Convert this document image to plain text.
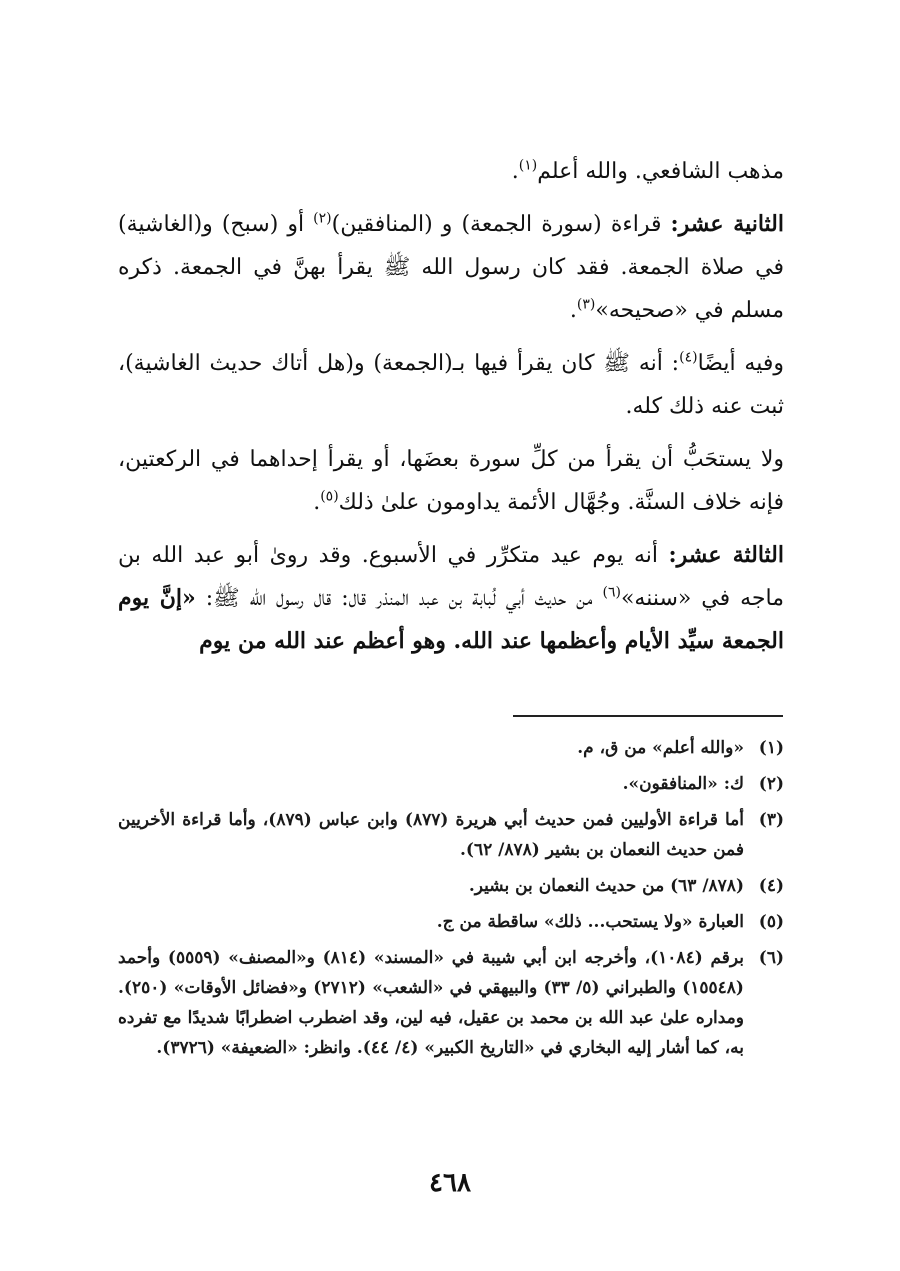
مذهب الشافعي. والله أعلم$^{(١)}$.

الثانية عشر: قراءة (سورة الجمعة) و (المنافقين)$^{(٢)}$ أو (سبح) و(الغاشية) في صلاة الجمعة. فقد كان رسول الله ﷺ يقرأ بهنَّ في الجمعة. ذكره مسلم في «صحيحه»$^{(٣)}$.

وفيه أيضًا$^{(٤)}$: أنه ﷺ كان يقرأ فيها بـ(الجمعة) و(هل أتاك حديث الغاشية)، ثبت عنه ذلك كله.

ولا يستحَبُّ أن يقرأ من كلِّ سورة بعضَها، أو يقرأ إحداهما في الركعتين، فإنه خلاف السنَّة. وجُهَّال الأئمة يداومون علىٰ ذلك$^{(٥)}$.

الثالثة عشر: أنه يوم عيد متكرِّر في الأسبوع. وقد روىٰ أبو عبد الله بن ماجه في «سننه»$^{(٦)}$ من حديث أبي لُبابة بن عبد المنذر قال: قال رسول الله ﷺ: «إنَّ يوم الجمعة سيِّد الأيام وأعظمها عند الله. وهو أعظم عند الله من يوم

(١)
«والله أعلم» من ق، م.
(٢)
ك: «المنافقون».
(٣)
أما قراءة الأوليين فمن حديث أبي هريرة (٨٧٧) وابن عباس (٨٧٩)، وأما قراءة الأخريين فمن حديث النعمان بن بشير (٨٧٨/ ٦٢).
(٤)
(٨٧٨/ ٦٣) من حديث النعمان بن بشير.
(٥)
العبارة «ولا يستحب... ذلك» ساقطة من ج.
(٦)
برقم (١٠٨٤)، وأخرجه ابن أبي شيبة في «المسند» (٨١٤) و«المصنف» (٥٥٥٩) وأحمد (١٥٥٤٨) والطبراني (٥/ ٣٣) والبيهقي في «الشعب» (٢٧١٢) و«فضائل الأوقات» (٢٥٠). ومداره علىٰ عبد الله بن محمد بن عقيل، فيه لين، وقد اضطرب اضطرابًا شديدًا مع تفرده به، كما أشار إليه البخاري في «التاريخ الكبير» (٤/ ٤٤). وانظر: «الضعيفة» (٣٧٢٦).
٤٦٨
